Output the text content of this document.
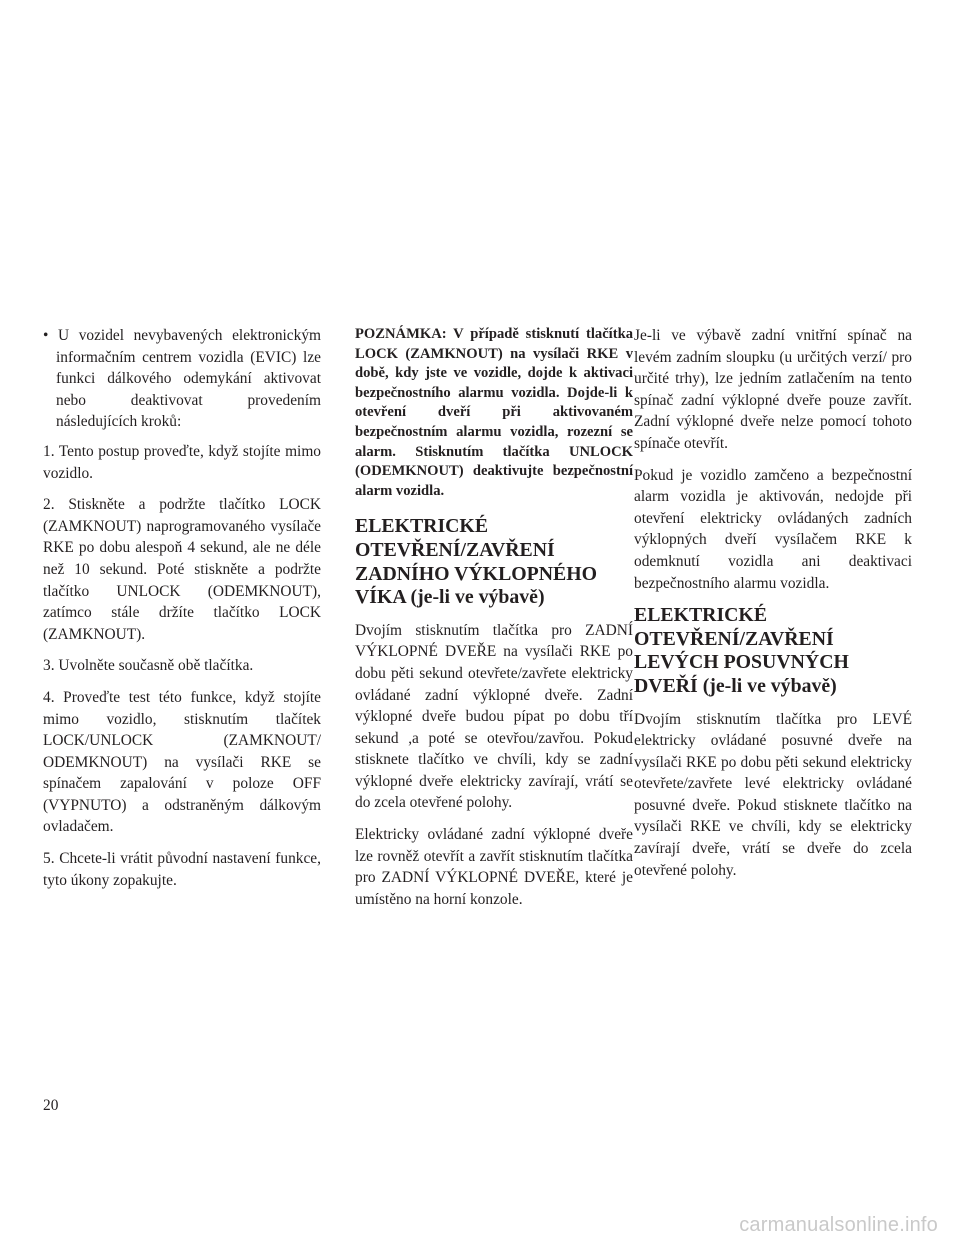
• U vozidel nevybavených elektronickým informačním centrem vozidla (EVIC) lze funkci dálkového odemykání aktivovat nebo deaktivovat provedením následujících kroků:

1. Tento postup proveďte, když stojíte mimo vozidlo.

2. Stiskněte a podržte tlačítko LOCK (ZAMKNOUT) naprogramovaného vysílače RKE po dobu alespoň 4 sekund, ale ne déle než 10 sekund. Poté stiskněte a podržte tlačítko UNLOCK (ODEMKNOUT), zatímco stále držíte tlačítko LOCK (ZAMKNOUT).

3. Uvolněte současně obě tlačítka.

4. Proveďte test této funkce, když stojíte mimo vozidlo, stisknutím tlačítek LOCK/UNLOCK (ZAMKNOUT/ ODEMKNOUT) na vysílači RKE se spínačem zapalování v poloze OFF (VYPNUTO) a odstraněným dálkovým ovladačem.

5. Chcete-li vrátit původní nastavení funkce, tyto úkony zopakujte.

POZNÁMKA: V případě stisknutí tlačítka LOCK (ZAMKNOUT) na vysílači RKE v době, kdy jste ve vozidle, dojde k aktivaci bezpečnostního alarmu vozidla. Dojde-li k otevření dveří při aktivovaném bezpečnostním alarmu vozidla, rozezní se alarm. Stisknutím tlačítka UNLOCK (ODEMKNOUT) deaktivujte bezpečnostní alarm vozidla.

ELEKTRICKÉ OTEVŘENÍ/ZAVŘENÍ ZADNÍHO VÝKLOPNÉHO VÍKA (je-li ve výbavě)

Dvojím stisknutím tlačítka pro ZADNÍ VÝKLOPNÉ DVEŘE na vysílači RKE po dobu pěti sekund otevřete/zavřete elektricky ovládané zadní výklopné dveře. Zadní výklopné dveře budou pípat po dobu tří sekund ,a poté se otevřou/zavřou. Pokud stisknete tlačítko ve chvíli, kdy se zadní výklopné dveře elektricky zavírají, vrátí se do zcela otevřené polohy.

Elektricky ovládané zadní výklopné dveře lze rovněž otevřít a zavřít stisknutím tlačítka pro ZADNÍ VÝKLOPNÉ DVEŘE, které je umístěno na horní konzole.

Je-li ve výbavě zadní vnitřní spínač na levém zadním sloupku (u určitých verzí/ pro určité trhy), lze jedním zatlačením na tento spínač zadní výklopné dveře pouze zavřít. Zadní výklopné dveře nelze pomocí tohoto spínače otevřít.

Pokud je vozidlo zamčeno a bezpečnostní alarm vozidla je aktivován, nedojde při otevření elektricky ovládaných zadních výklopných dveří vysílačem RKE k odemknutí vozidla ani deaktivaci bezpečnostního alarmu vozidla.

ELEKTRICKÉ OTEVŘENÍ/ZAVŘENÍ LEVÝCH POSUVNÝCH DVEŘÍ (je-li ve výbavě)

Dvojím stisknutím tlačítka pro LEVÉ elektricky ovládané posuvné dveře na vysílači RKE po dobu pěti sekund elektricky otevřete/zavřete levé elektricky ovládané posuvné dveře. Pokud stisknete tlačítko na vysílači RKE ve chvíli, kdy se elektricky zavírají dveře, vrátí se dveře do zcela otevřené polohy.

20
carmanualsonline.info
